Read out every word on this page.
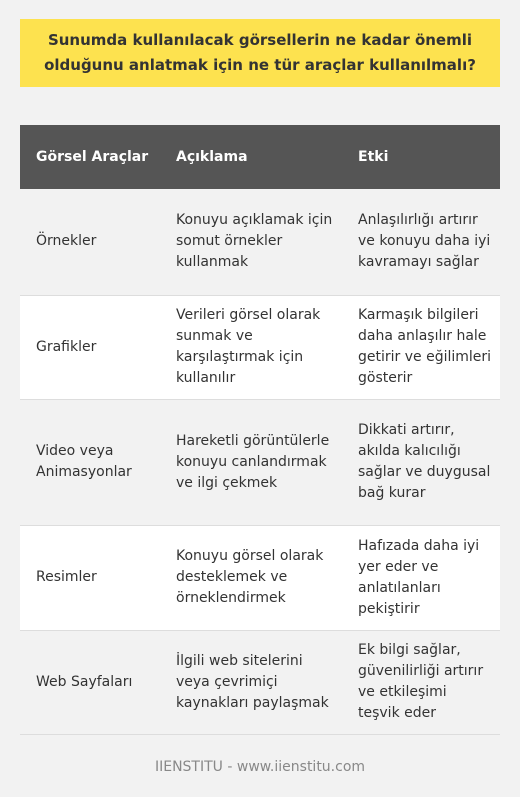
Sunumda kullanılacak görsellerin ne kadar önemli olduğunu anlatmak için ne tür araçlar kullanılmalı?
Görsel Araçlar	Açıklama	Etki
Örnekler	Konuyu açıklamak için somut örnekler kullanmak	Anlaşılırlığı artırır ve konuyu daha iyi kavramayı sağlar
Grafikler	Verileri görsel olarak sunmak ve karşılaştırmak için kullanılır	Karmaşık bilgileri daha anlaşılır hale getirir ve eğilimleri gösterir
Video veya Animasyonlar	Hareketli görüntülerle konuyu canlandırmak ve ilgi çekmek	Dikkati artırır, akılda kalıcılığı sağlar ve duygusal bağ kurar
Resimler	Konuyu görsel olarak desteklemek ve örneklendirmek	Hafızada daha iyi yer eder ve anlatılanları pekiştirir
Web Sayfaları	İlgili web sitelerini veya çevrimiçi kaynakları paylaşmak	Ek bilgi sağlar, güvenilirliği artırır ve etkileşimi teşvik eder
IIENSTITU - www.iienstitu.com
